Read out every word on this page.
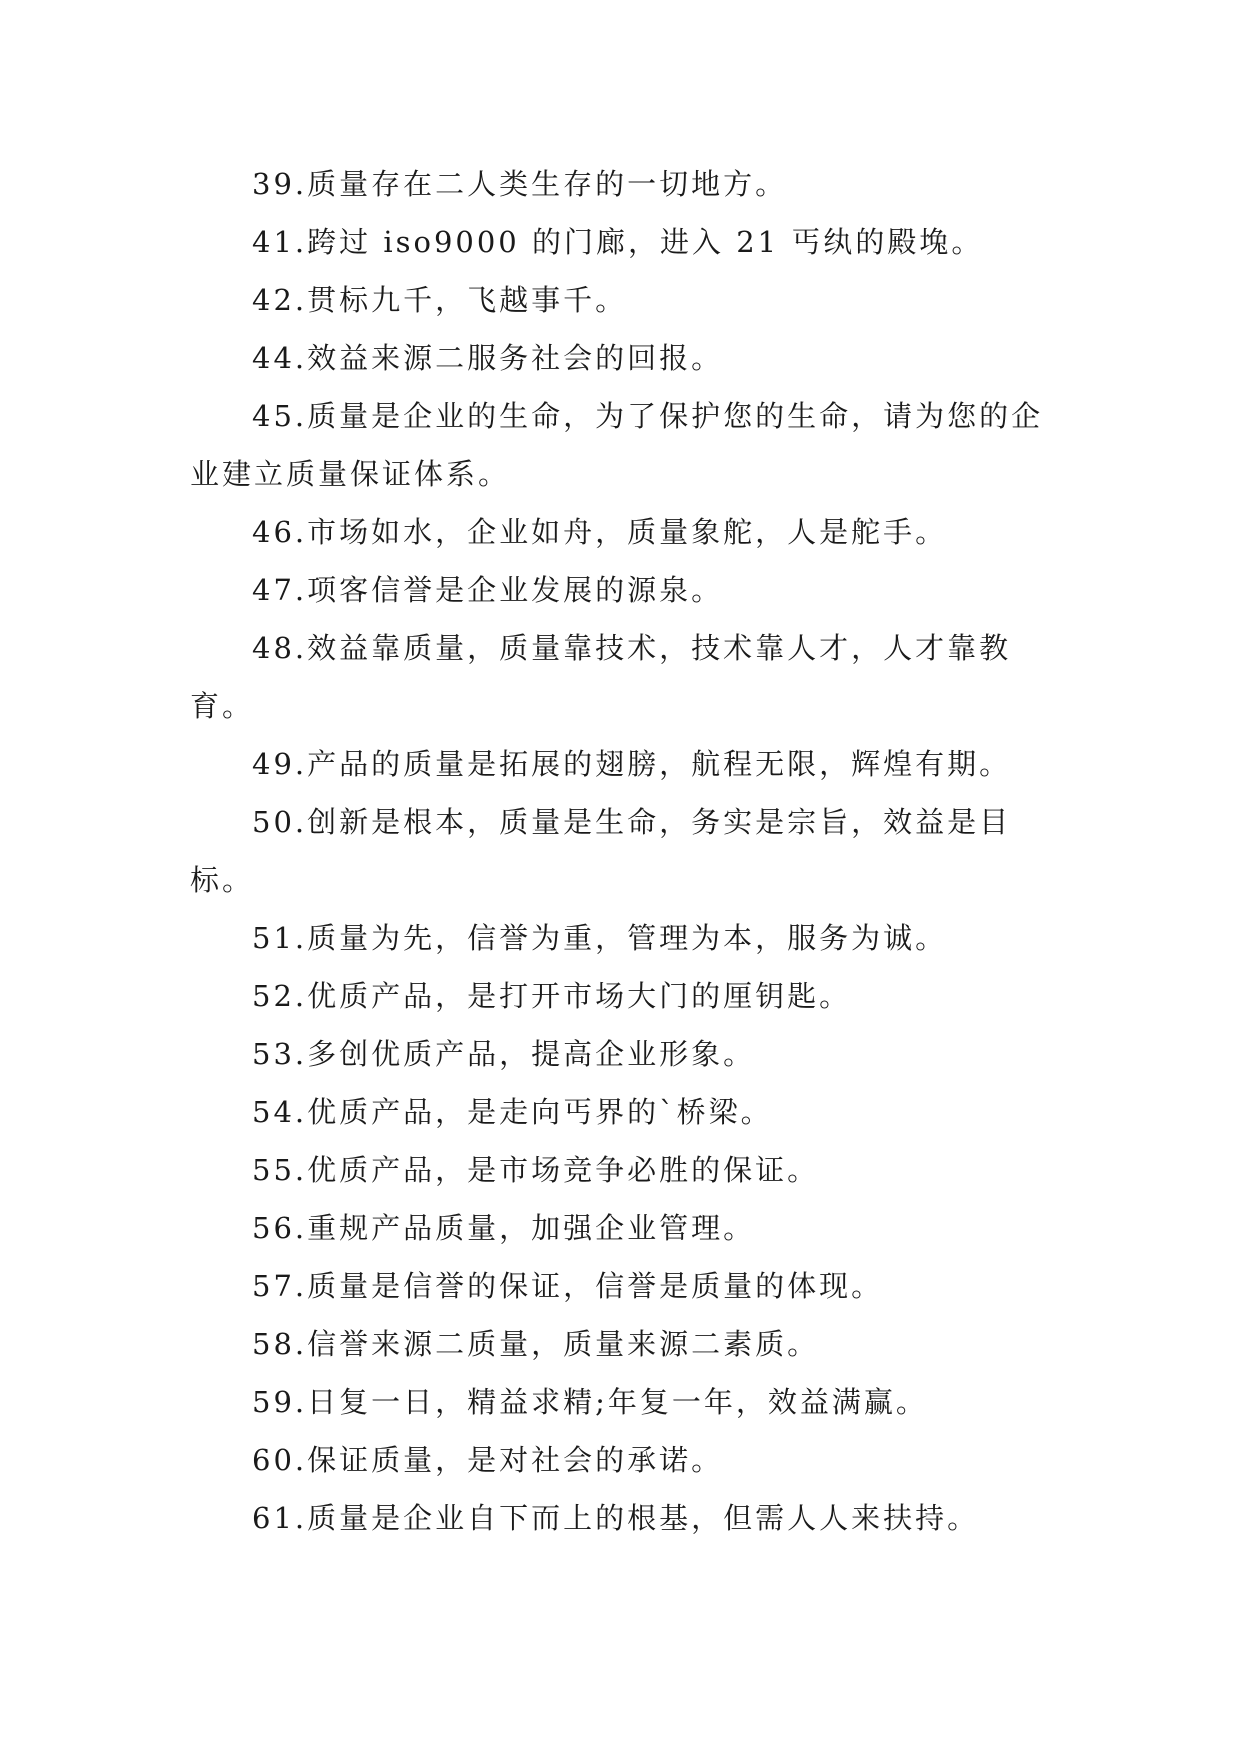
39.质量存在二人类生存的一切地方。

41.跨过 iso9000 的门廊，进入 21 丐纨的殿堍。

42.贯标九千，飞越事千。

44.效益来源二服务社会的回报。

45.质量是企业的生命，为了保护您的生命，请为您的企业建立质量保证体系。

46.市场如水，企业如舟，质量象舵，人是舵手。

47.项客信誉是企业发展的源泉。

48.效益靠质量，质量靠技术，技术靠人才，人才靠教育。

49.产品的质量是拓展的翅膀，航程无限，辉煌有期。

50.创新是根本，质量是生命，务实是宗旨，效益是目标。

51.质量为先，信誉为重，管理为本，服务为诚。

52.优质产品，是打开市场大门的厘钥匙。

53.多创优质产品，提高企业形象。

54.优质产品，是走向丐界的`桥梁。

55.优质产品，是市场竞争必胜的保证。

56.重规产品质量，加强企业管理。

57.质量是信誉的保证，信誉是质量的体现。

58.信誉来源二质量，质量来源二素质。

59.日复一日，精益求精;年复一年，效益满赢。

60.保证质量，是对社会的承诺。

61.质量是企业自下而上的根基，但需人人来扶持。
